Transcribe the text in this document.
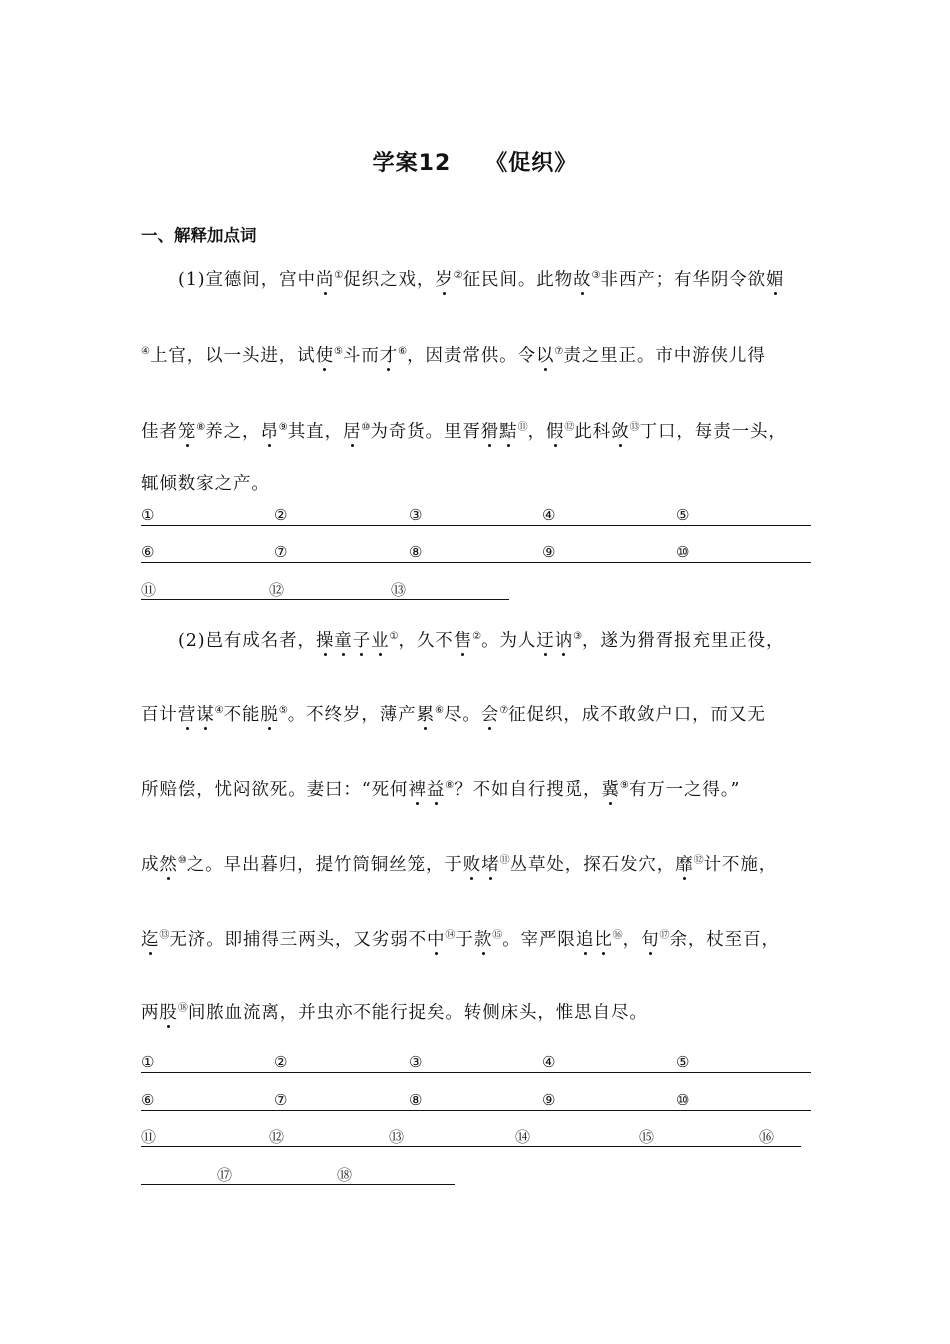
学案12 《促织》
一、解释加点词
(1)宣德间，宫中尚①促织之戏，岁②征民间。此物故③非西产；有华阴令欲媚
④上官，以一头进，试使⑤斗而才⑥，因责常供。令以⑦责之里正。市中游侠儿得
佳者笼⑧养之，昂⑨其直，居⑩为奇货。里胥猾黠⑪，假⑫此科敛⑬丁口，每责一头，
辄倾数家之产。
①	②	③	④	⑤
⑥	⑦	⑧	⑨	⑩
⑪	⑫	⑬
(2)邑有成名者，操童子业①，久不售②。为人迂讷③，遂为猾胥报充里正役，
百计营谋④不能脱⑤。不终岁，薄产累⑥尽。会⑦征促织，成不敢敛户口，而又无
所赔偿，忧闷欲死。妻曰：“死何裨益⑧？不如自行搜觅，冀⑨有万一之得。”
成然⑩之。早出暮归，提竹筒铜丝笼，于败堵⑪丛草处，探石发穴，靡⑫计不施，
迄⑬无济。即捕得三两头，又劣弱不中⑭于款⑮。宰严限追比⑯，旬⑰余，杖至百，
两股⑱间脓血流离，并虫亦不能行捉矣。转侧床头，惟思自尽。
①	②	③	④	⑤
⑥	⑦	⑧	⑨	⑩
⑪	⑫	⑬	⑭	⑮	⑯
⑰	⑱
